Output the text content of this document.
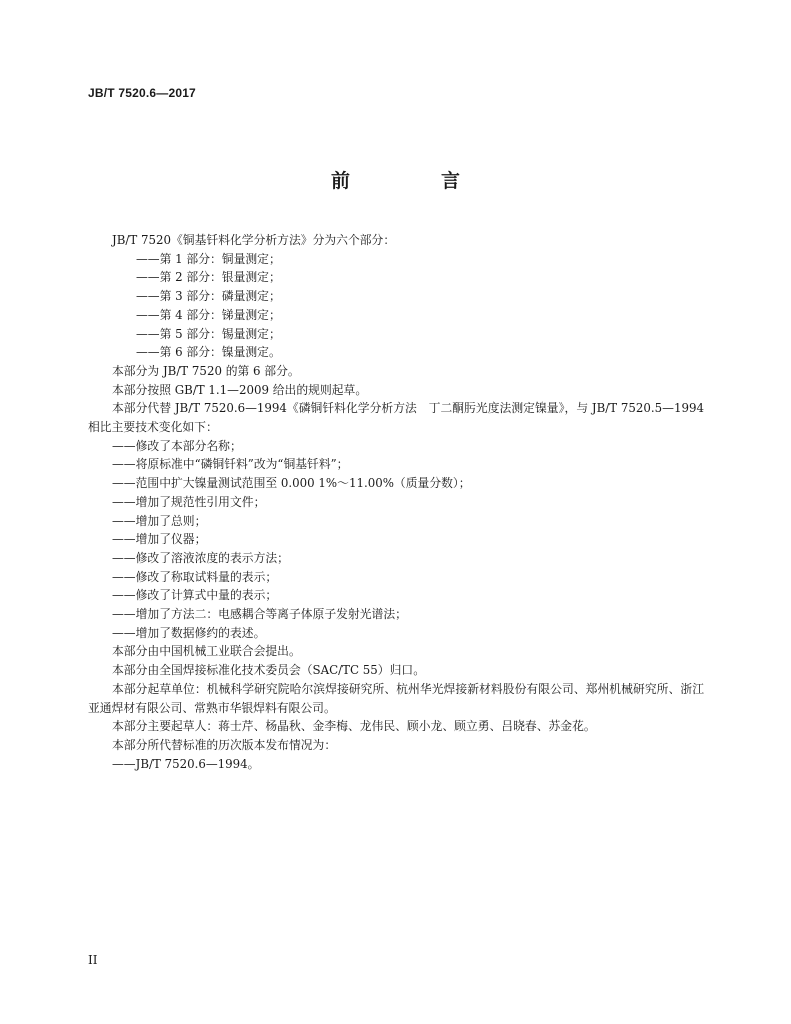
JB/T 7520.6—2017
前　言
JB/T 7520《铜基钎料化学分析方法》分为六个部分：
——第 1 部分：铜量测定；
——第 2 部分：银量测定；
——第 3 部分：磷量测定；
——第 4 部分：锑量测定；
——第 5 部分：锡量测定；
——第 6 部分：镍量测定。
本部分为 JB/T 7520 的第 6 部分。
本部分按照 GB/T 1.1—2009 给出的规则起草。
本部分代替 JB/T 7520.6—1994《磷铜钎料化学分析方法　丁二酮肟光度法测定镍量》，与 JB/T 7520.5—1994 相比主要技术变化如下：
——修改了本部分名称；
——将原标准中“磷铜钎料”改为“铜基钎料”；
——范围中扩大镍量测试范围至 0.000 1%～11.00%（质量分数）；
——增加了规范性引用文件；
——增加了总则；
——增加了仪器；
——修改了溶液浓度的表示方法；
——修改了称取试料量的表示；
——修改了计算式中量的表示；
——增加了方法二：电感耦合等离子体原子发射光谱法；
——增加了数据修约的表述。
本部分由中国机械工业联合会提出。
本部分由全国焊接标准化技术委员会（SAC/TC 55）归口。
本部分起草单位：机械科学研究院哈尔滨焊接研究所、杭州华光焊接新材料股份有限公司、郑州机械研究所、浙江亚通焊材有限公司、常熟市华银焊料有限公司。
本部分主要起草人：蒋士芹、杨晶秋、金李梅、龙伟民、顾小龙、顾立勇、吕晓春、苏金花。
本部分所代替标准的历次版本发布情况为：
——JB/T 7520.6—1994。
II
